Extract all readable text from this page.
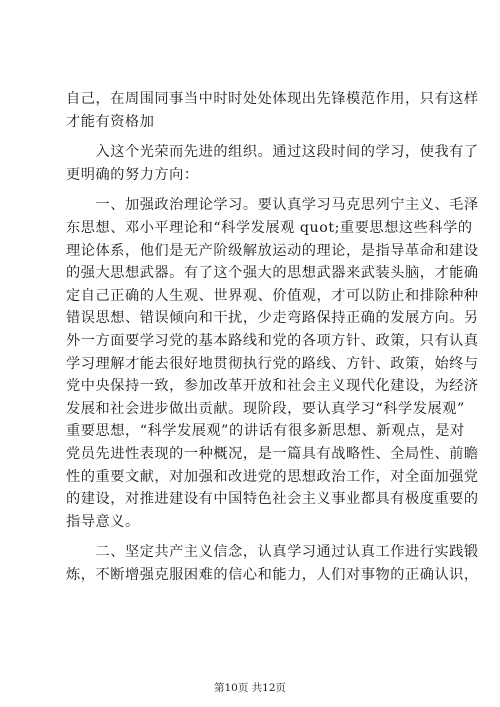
自己，在周围同事当中时时处处体现出先锋模范作用，只有这样
才能有资格加
　　入这个光荣而先进的组织。通过这段时间的学习，使我有了
更明确的努力方向：
　　一、加强政治理论学习。要认真学习马克思列宁主义、毛泽
东思想、邓小平理论和“科学发展观 quot;重要思想这些科学的
理论体系，他们是无产阶级解放运动的理论，是指导革命和建设
的强大思想武器。有了这个强大的思想武器来武装头脑，才能确
定自己正确的人生观、世界观、价值观，才可以防止和排除种种
错误思想、错误倾向和干扰，少走弯路保持正确的发展方向。另
外一方面要学习党的基本路线和党的各项方针、政策，只有认真
学习理解才能去很好地贯彻执行党的路线、方针、政策，始终与
党中央保持一致，参加改革开放和社会主义现代化建设，为经济
发展和社会进步做出贡献。现阶段，要认真学习“科学发展观”
重要思想，“科学发展观”的讲话有很多新思想、新观点，是对
党员先进性表现的一种概况，是一篇具有战略性、全局性、前瞻
性的重要文献，对加强和改进党的思想政治工作，对全面加强党
的建设，对推进建设有中国特色社会主义事业都具有极度重要的
指导意义。
　　二、坚定共产主义信念，认真学习通过认真工作进行实践锻
炼，不断增强克服困难的信心和能力，人们对事物的正确认识，
第10页 共12页
